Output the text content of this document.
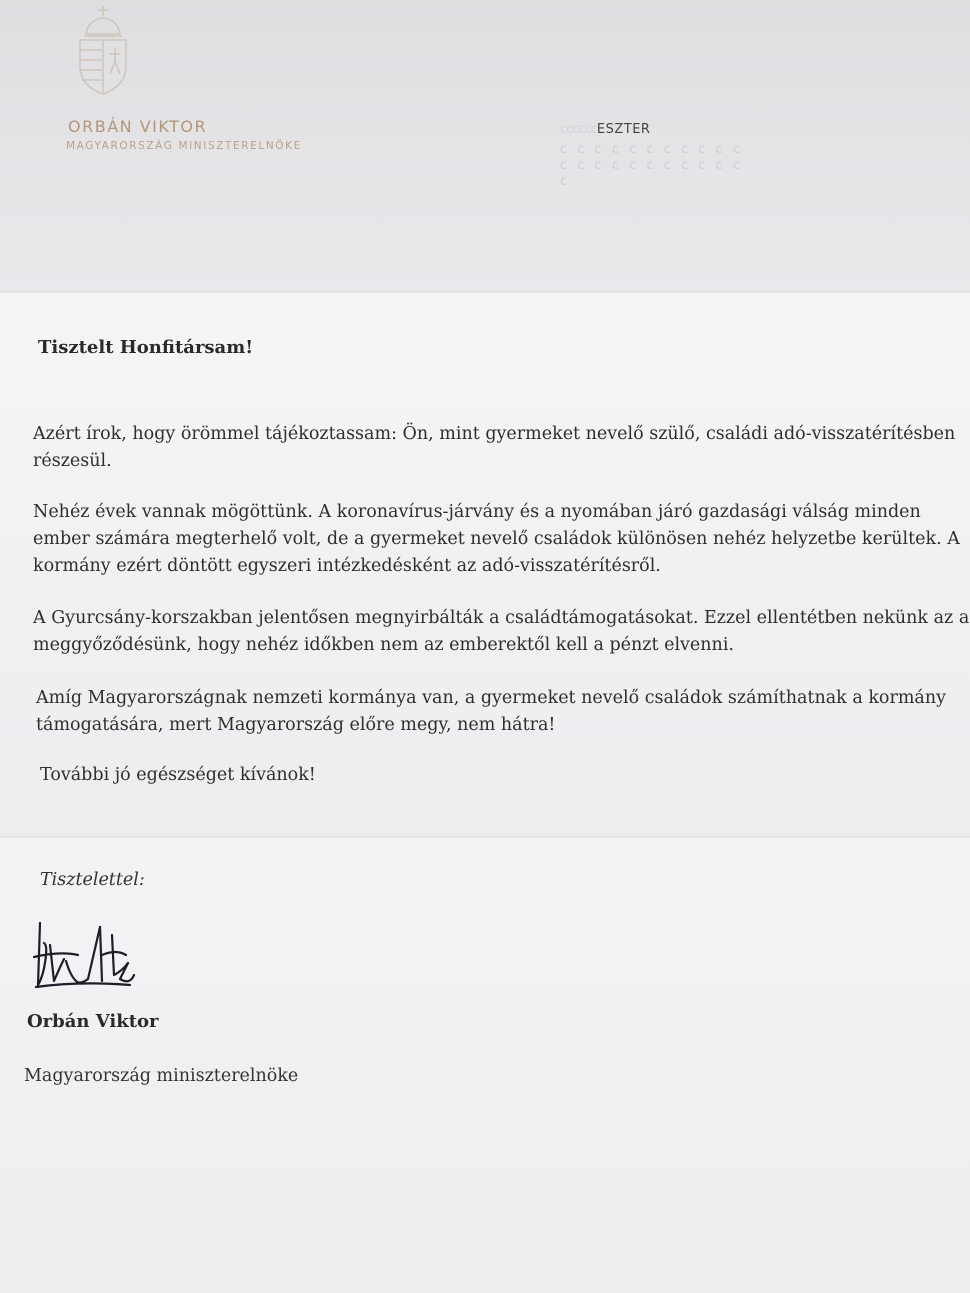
ORBÁN VIKTOR
MAGYARORSZÁG MINISZTERELNÖKE
ccccccESZTER
c c c c c c c c c c c
c c c c c c c c c c c
c
Tisztelt Honfitársam!
Azért írok, hogy örömmel tájékoztassam: Ön, mint gyermeket nevelő szülő, családi adó-visszatérítésben részesül.
Nehéz évek vannak mögöttünk. A koronavírus-járvány és a nyomában járó gazdasági válság minden ember számára megterhelő volt, de a gyermeket nevelő családok különösen nehéz helyzetbe kerültek. A kormány ezért döntött egyszeri intézkedésként az adó-visszatérítésről.
A Gyurcsány-korszakban jelentősen megnyirbálták a családtámogatásokat. Ezzel ellentétben nekünk az a meggyőződésünk, hogy nehéz időkben nem az emberektől kell a pénzt elvenni.
Amíg Magyarországnak nemzeti kormánya van, a gyermeket nevelő családok számíthatnak a kormány támogatására, mert Magyarország előre megy, nem hátra!
További jó egészséget kívánok!
Tisztelettel:
Orbán Viktor
Magyarország miniszterelnöke
